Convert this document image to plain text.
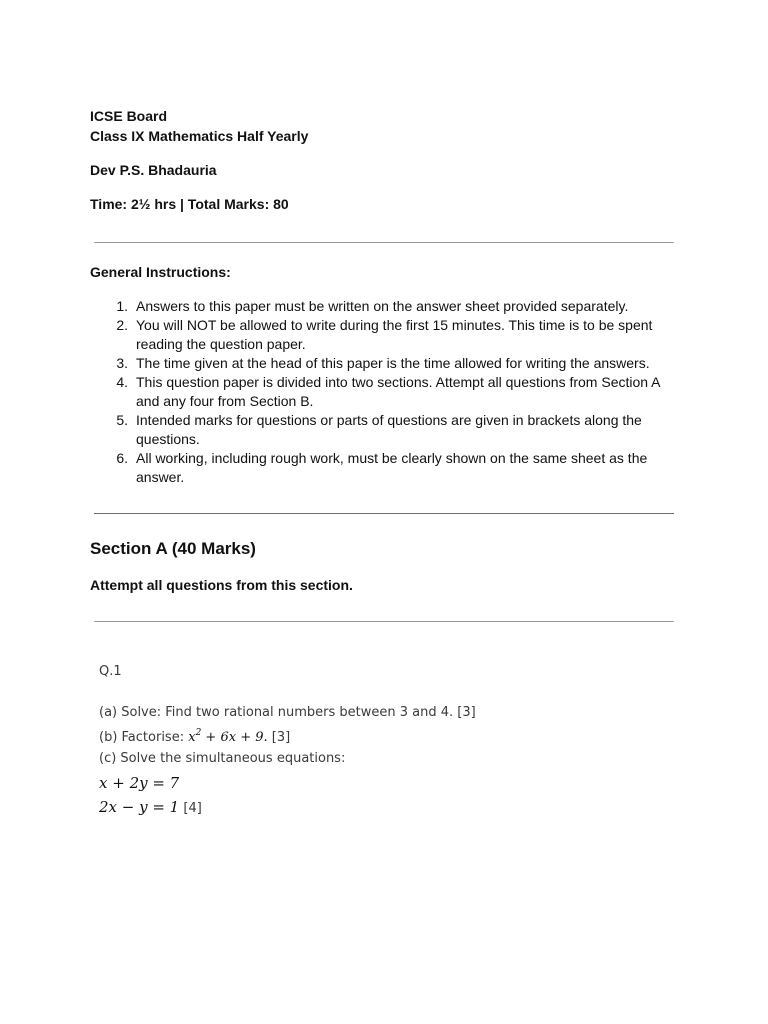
ICSE Board
Class IX Mathematics Half Yearly
Dev P.S. Bhadauria
Time: 2½ hrs | Total Marks: 80
General Instructions:
1. Answers to this paper must be written on the answer sheet provided separately.
2. You will NOT be allowed to write during the first 15 minutes. This time is to be spent reading the question paper.
3. The time given at the head of this paper is the time allowed for writing the answers.
4. This question paper is divided into two sections. Attempt all questions from Section A and any four from Section B.
5. Intended marks for questions or parts of questions are given in brackets along the questions.
6. All working, including rough work, must be clearly shown on the same sheet as the answer.
Section A (40 Marks)
Attempt all questions from this section.
Q.1
(a) Solve: Find two rational numbers between 3 and 4. [3]
(b) Factorise: $x^2 + 6x + 9$. [3]
(c) Solve the simultaneous equations:
x + 2y = 7
2x − y = 1 [4]
